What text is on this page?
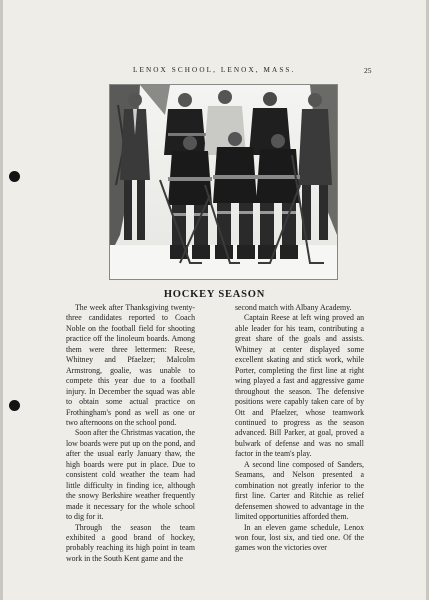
LENOX SCHOOL, LENOX, MASS.	25
HOCKEY SEASON

The week after Thanksgiving twenty-three candidates reported to Coach Noble on the football field for shooting practice off the linoleum boards. Among them were three lettermen: Reese, Whitney and Pfaelzer; Malcolm Armstrong, goalie, was unable to compete this year due to a football injury. In December the squad was able to obtain some actual practice on Frothingham's pond as well as one or two afternoons on the school pond.

Soon after the Christmas vacation, the low boards were put up on the pond, and after the usual early January thaw, the high boards were put in place. Due to consistent cold weather the team had little difficulty in finding ice, although the snowy Berkshire weather frequently made it necessary for the whole school to dig for it.

Through the season the team exhibited a good brand of hockey, probably reaching its high point in team work in the South Kent game and the

second match with Albany Academy.

Captain Reese at left wing proved an able leader for his team, contributing a great share of the goals and assists. Whitney at center displayed some excellent skating and stick work, while Porter, completing the first line at right wing played a fast and aggressive game throughout the season. The defensive positions were capably taken care of by Ott and Pfaelzer, whose teamwork continued to progress as the season advanced. Bill Parker, at goal, proved a bulwark of defense and was no small factor in the team's play.

A second line composed of Sanders, Seamans, and Nelson presented a combination not greatly inferior to the first line. Carter and Ritchie as relief defensemen showed to advantage in the limited opportunities afforded them.

In an eleven game schedule, Lenox won four, lost six, and tied one. Of the games won the victories over
